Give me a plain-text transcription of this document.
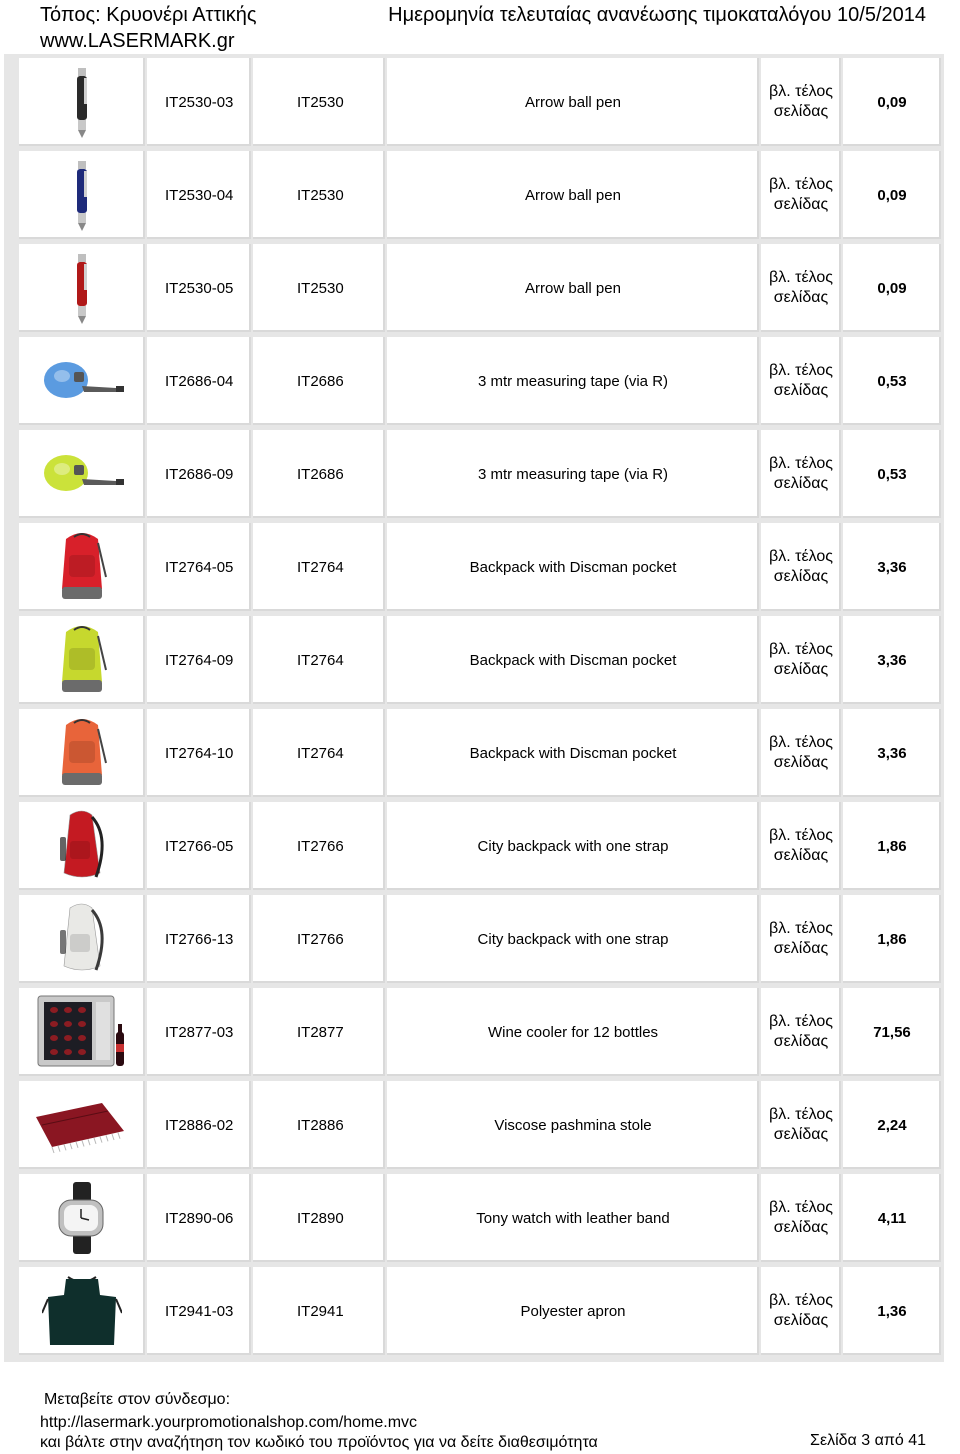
Τόπος: Κρυονέρι Αττικής
www.LASERMARK.gr
Ημερομηνία τελευταίας ανανέωσης τιμοκαταλόγου 10/5/2014
IT2530-03	IT2530	Arrow ball pen
βλ. τέλος
σελίδας
0,09
IT2530-04	IT2530	Arrow ball pen
βλ. τέλος
σελίδας
0,09
IT2530-05	IT2530	Arrow ball pen
βλ. τέλος
σελίδας
0,09
IT2686-04	IT2686	3 mtr measuring tape (via R)
βλ. τέλος
σελίδας
0,53
IT2686-09	IT2686	3 mtr measuring tape (via R)
βλ. τέλος
σελίδας
0,53
IT2764-05	IT2764	Backpack with Discman pocket
βλ. τέλος
σελίδας
3,36
IT2764-09	IT2764	Backpack with Discman pocket
βλ. τέλος
σελίδας
3,36
IT2764-10	IT2764	Backpack with Discman pocket
βλ. τέλος
σελίδας
3,36
IT2766-05	IT2766	City backpack with one strap
βλ. τέλος
σελίδας
1,86
IT2766-13	IT2766	City backpack with one strap
βλ. τέλος
σελίδας
1,86
IT2877-03	IT2877	Wine cooler for 12 bottles
βλ. τέλος
σελίδας
71,56
IT2886-02	IT2886	Viscose pashmina stole
βλ. τέλος
σελίδας
2,24
IT2890-06	IT2890	Tony watch with leather band
βλ. τέλος
σελίδας
4,11
IT2941-03	IT2941	Polyester apron
βλ. τέλος
σελίδας
1,36
Μεταβείτε στον σύνδεσμο:
http://lasermark.yourpromotionalshop.com/home.mvc
και βάλτε στην αναζήτηση τον κωδικό του προϊόντος για να δείτε διαθεσιμότητα	Σελίδα 3 από 41
